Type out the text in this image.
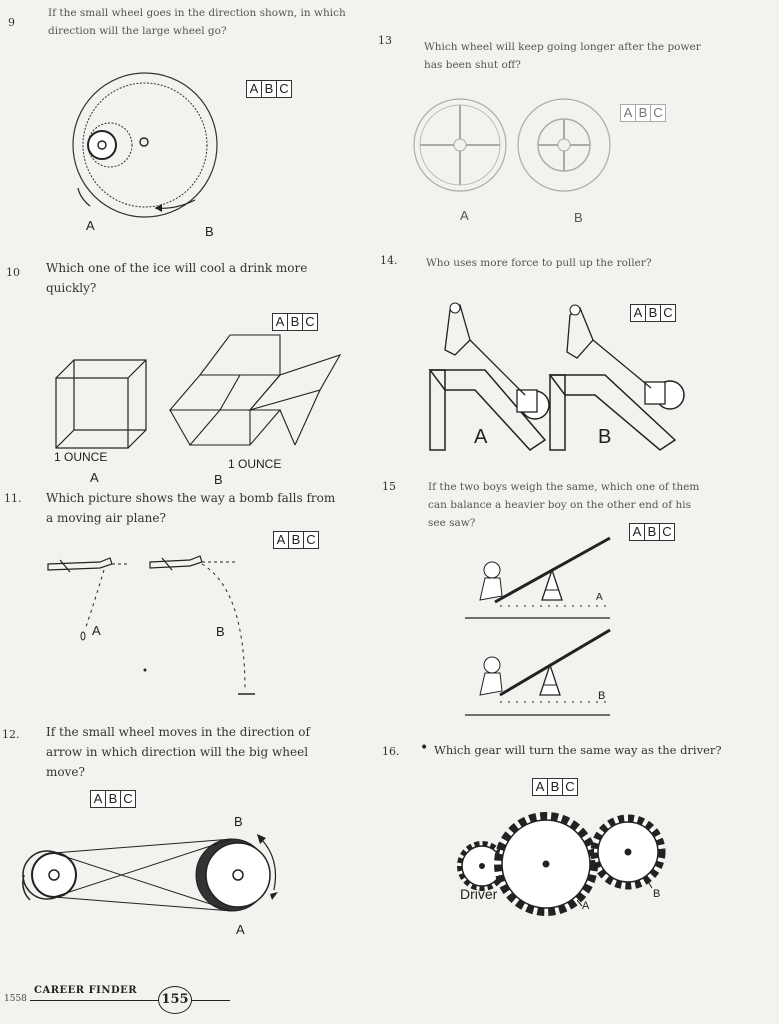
9
If the small wheel goes in the direction shown, in which direction will the large wheel go?
A B C
A	B
10 Which one of the ice will cool a drink more quickly?
A B C
1 OUNCE	1 OUNCE
A	B
11. Which picture shows the way a bomb falls from a moving air plane?
A B C
A	B
12. If the small wheel moves in the direction of arrow in which direction will the big wheel move?
A B C
B
A
13	Which wheel will keep going longer after the power has been shut off?
A B C
A	B
14.	Who uses more force to pull up the roller?
A B C
A	B
15	If the two boys weigh the same, which one of them can balance a heavier boy on the other end of his see saw?
A B C
A
B
16.	Which gear will turn the same way as the driver?
A B C
Driver
A
B
•
1558
CAREER FINDER
155
